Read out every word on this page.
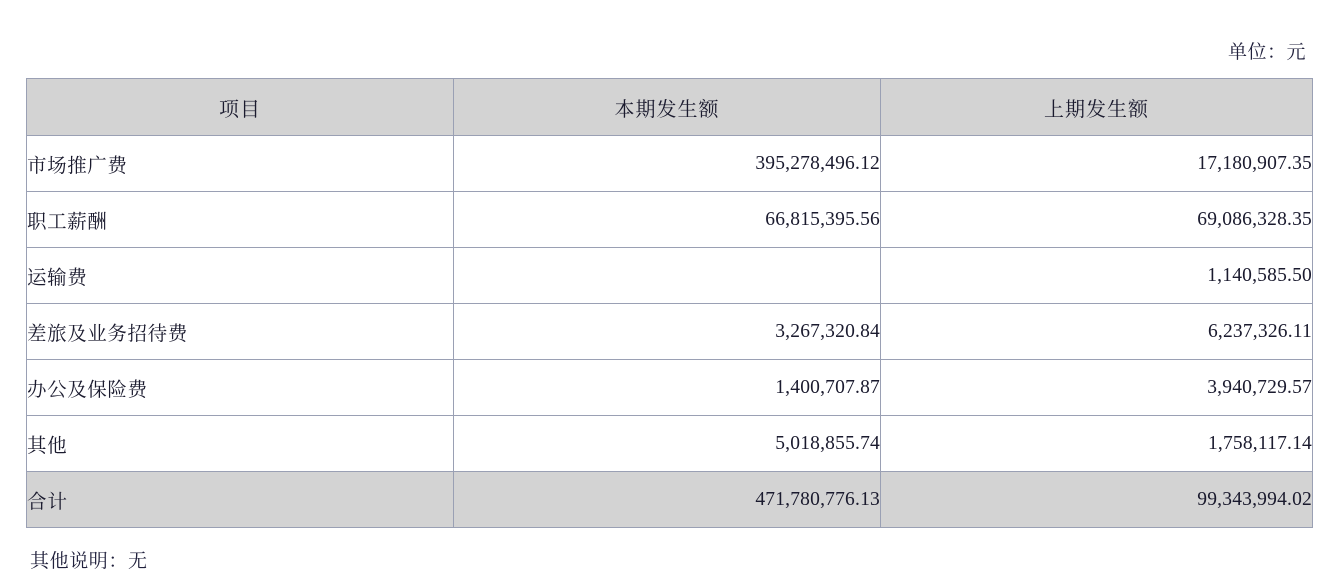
单位：元
项目	本期发生额	上期发生额
市场推广费	395,278,496.12	17,180,907.35
职工薪酬	66,815,395.56	69,086,328.35
运输费		1,140,585.50
差旅及业务招待费	3,267,320.84	6,237,326.11
办公及保险费	1,400,707.87	3,940,729.57
其他	5,018,855.74	1,758,117.14
合计	471,780,776.13	99,343,994.02
其他说明：无
